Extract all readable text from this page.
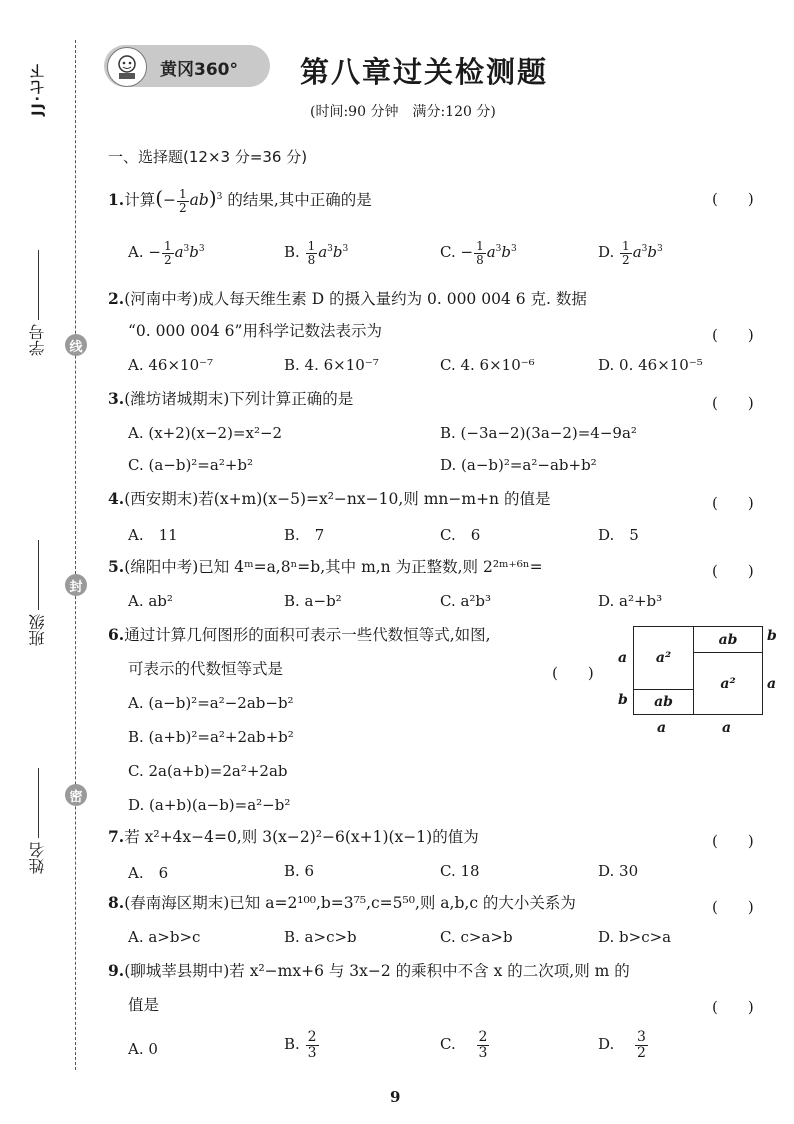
JJ·七下
学号
班级
姓名
线
封
密
黄冈360° 第八章过关检测题
(时间:90 分钟　满分:120 分)
一、选择题(12×3 分=36 分)
1.计算(− $\frac{1}{2} ab)^3$ 的结果,其中正确的是	(　　)
A. − $\frac{1}{2} a^3b^3$	B. $\frac{1}{8} a^3b^3$	C. − $\frac{1}{8} a^3b^3$	D. $\frac{1}{2} a^3b^3$
2.(河南中考)成人每天维生素 D 的摄入量约为 0. 000 004 6 克. 数据
“0. 000 004 6”用科学记数法表示为	(　　)
A. 46×10⁻⁷	B. 4. 6×10⁻⁷	C. 4. 6×10⁻⁶	D. 0. 46×10⁻⁵
3.(潍坊诸城期末)下列计算正确的是	(　　)
A. (x+2)(x−2)=x²−2	B. (−3a−2)(3a−2)=4−9a²
C. (a−b)²=a²+b²	D. (a−b)²=a²−ab+b²
4.(西安期末)若(x+m)(x−5)=x²−nx−10,则 mn−m+n 的值是	(　　)
A.　11	B.　7	C.　6	D.　5
5.(绵阳中考)已知 4ᵐ=a,8ⁿ=b,其中 m,n 为正整数,则 2²ᵐ⁺⁶ⁿ=	(　　)
A. ab²	B. a−b²	C. a²b³	D. a²+b³
6.通过计算几何图形的面积可表示一些代数恒等式,如图,
可表示的代数恒等式是	(　　)
A. (a−b)²=a²−2ab−b²
B. (a+b)²=a²+2ab+b²
C. 2a(a+b)=2a²+2ab
D. (a+b)(a−b)=a²−b²
a²
ab
a²
ab
a
b
b
a
a	a
7.若 x²+4x−4=0,则 3(x−2)²−6(x+1)(x−1)的值为	(　　)
A.　6	B. 6	C. 18	D. 30
8.(春南海区期末)已知 a=2¹⁰⁰,b=3⁷⁵,c=5⁵⁰,则 a,b,c 的大小关系为	(　　)
A. a>b>c	B. a>c>b	C. c>a>b	D. b>c>a
9.(聊城莘县期中)若 x²−mx+6 与 3x−2 的乘积中不含 x 的二次项,则 m 的
值是	(　　)
A. 0	B. $\frac{2}{3}$	C.　 $\frac{2}{3}$	D.　 $\frac{3}{2}$
9
